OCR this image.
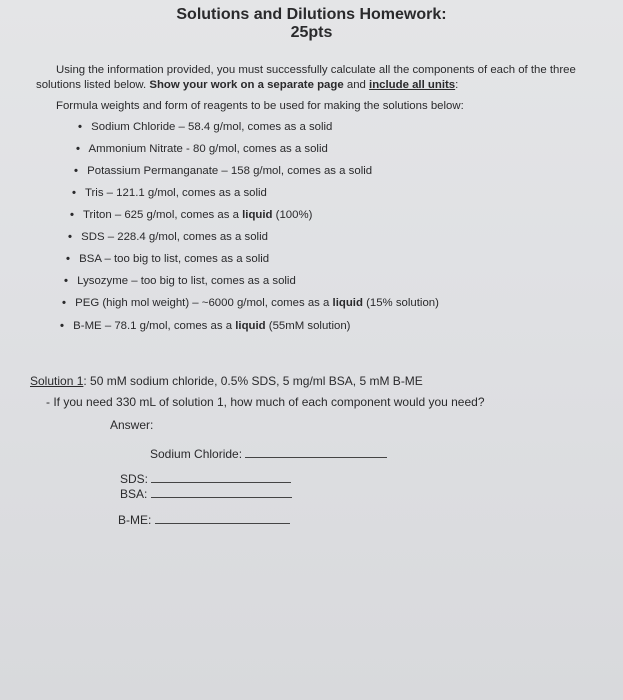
Solutions and Dilutions Homework:
25pts
Using the information provided, you must successfully calculate all the components of each of the three
solutions listed below. Show your work on a separate page and include all units:
Formula weights and form of reagents to be used for making the solutions below:
• Sodium Chloride – 58.4 g/mol, comes as a solid
• Ammonium Nitrate - 80 g/mol, comes as a solid
• Potassium Permanganate – 158 g/mol, comes as a solid
• Tris – 121.1 g/mol, comes as a solid
• Triton – 625 g/mol, comes as a liquid (100%)
• SDS – 228.4 g/mol, comes as a solid
• BSA – too big to list, comes as a solid
• Lysozyme – too big to list, comes as a solid
• PEG (high mol weight) – ~6000 g/mol, comes as a liquid (15% solution)
• B-ME – 78.1 g/mol, comes as a liquid (55mM solution)
Solution 1: 50 mM sodium chloride, 0.5% SDS, 5 mg/ml BSA, 5 mM B-ME
- If you need 330 mL of solution 1, how much of each component would you need?
Answer:
Sodium Chloride:
SDS:
BSA:
B-ME:
